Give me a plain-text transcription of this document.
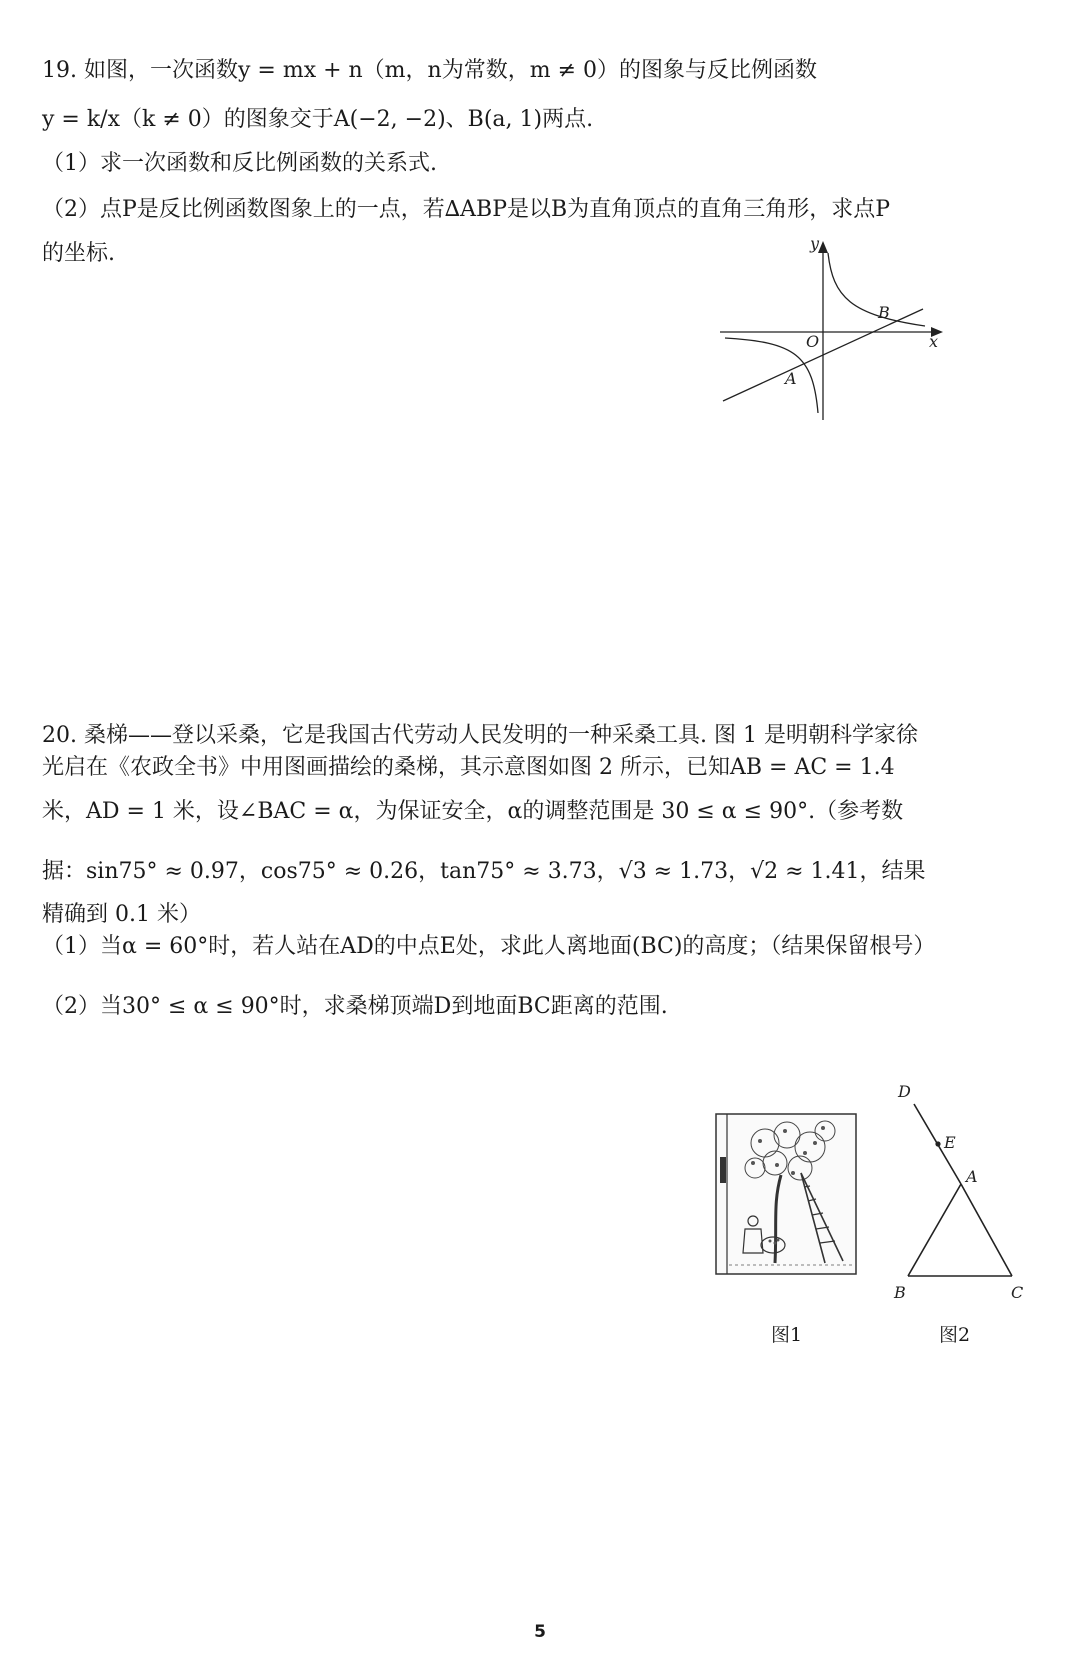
19. 如图，一次函数y = mx + n（m，n为常数，m ≠ 0）的图象与反比例函数
y = k/x（k ≠ 0）的图象交于A(−2, −2)、B(a, 1)两点.
（1）求一次函数和反比例函数的关系式.
（2）点P是反比例函数图象上的一点，若∆ABP是以B为直角顶点的直角三角形，求点P
的坐标.	y
x
O
A
B
20. 桑梯——登以采桑，它是我国古代劳动人民发明的一种采桑工具. 图 1 是明朝科学家徐
光启在《农政全书》中用图画描绘的桑梯，其示意图如图 2 所示，已知AB = AC = 1.4
米，AD = 1 米，设∠BAC = α，为保证安全，α的调整范围是 30 ≤ α ≤ 90°.（参考数
据：sin75° ≈ 0.97，cos75° ≈ 0.26，tan75° ≈ 3.73，√3 ≈ 1.73，√2 ≈ 1.41，结果
精确到 0.1 米）
（1）当α = 60°时，若人站在AD的中点E处，求此人离地面(BC)的高度；（结果保留根号）
（2）当30° ≤ α ≤ 90°时，求桑梯顶端D到地面BC距离的范围.
图1
D
E
A
B	C
图2
5
